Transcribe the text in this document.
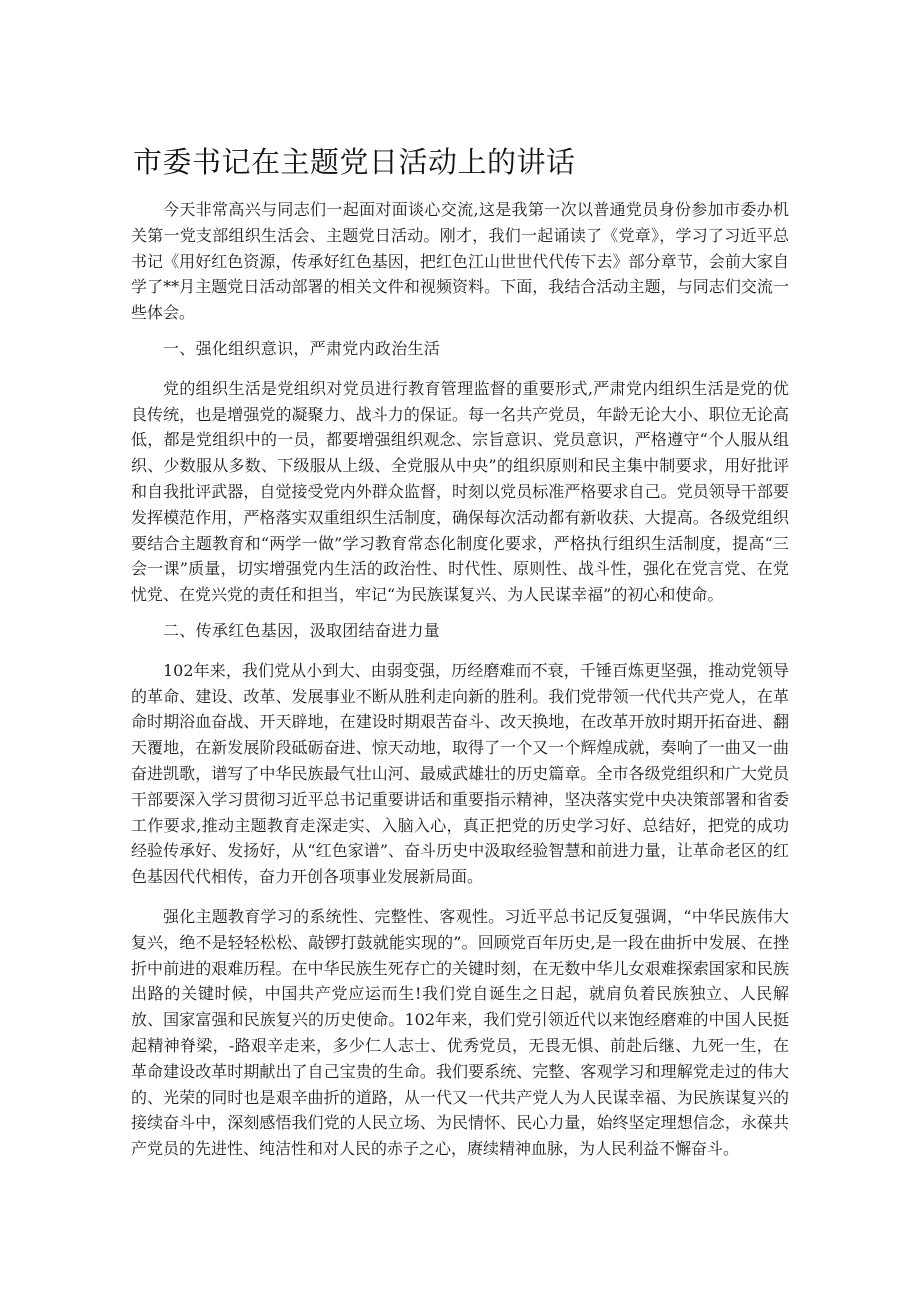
市委书记在主题党日活动上的讲话

今天非常高兴与同志们一起面对面谈心交流,这是我第一次以普通党员身份参加市委办机关第一党支部组织生活会、主题党日活动。刚才，我们一起诵读了《党章》，学习了习近平总书记《用好红色资源，传承好红色基因，把红色江山世世代代传下去》部分章节，会前大家自学了**月主题党日活动部署的相关文件和视频资料。下面，我结合活动主题，与同志们交流一些体会。

一、强化组织意识，严肃党内政治生活

党的组织生活是党组织对党员进行教育管理监督的重要形式,严肃党内组织生活是党的优良传统，也是增强党的凝聚力、战斗力的保证。每一名共产党员，年龄无论大小、职位无论高低，都是党组织中的一员，都要增强组织观念、宗旨意识、党员意识，严格遵守“个人服从组织、少数服从多数、下级服从上级、全党服从中央”的组织原则和民主集中制要求，用好批评和自我批评武器，自觉接受党内外群众监督，时刻以党员标准严格要求自己。党员领导干部要发挥模范作用，严格落实双重组织生活制度，确保每次活动都有新收获、大提高。各级党组织要结合主题教育和“两学一做”学习教育常态化制度化要求，严格执行组织生活制度，提高“三会一课”质量，切实增强党内生活的政治性、时代性、原则性、战斗性，强化在党言党、在党忧党、在党兴党的责任和担当，牢记“为民族谋复兴、为人民谋幸福”的初心和使命。

二、传承红色基因，汲取团结奋进力量

102年来，我们党从小到大、由弱变强，历经磨难而不衰，千锤百炼更坚强，推动党领导的革命、建设、改革、发展事业不断从胜利走向新的胜利。我们党带领一代代共产党人，在革命时期浴血奋战、开天辟地，在建设时期艰苦奋斗、改天换地，在改革开放时期开拓奋进、翻天覆地，在新发展阶段砥砺奋进、惊天动地，取得了一个又一个辉煌成就，奏响了一曲又一曲奋进凯歌，谱写了中华民族最气壮山河、最威武雄壮的历史篇章。全市各级党组织和广大党员干部要深入学习贯彻习近平总书记重要讲话和重要指示精神，坚决落实党中央决策部署和省委工作要求,推动主题教育走深走实、入脑入心，真正把党的历史学习好、总结好，把党的成功经验传承好、发扬好，从“红色家谱”、奋斗历史中汲取经验智慧和前进力量，让革命老区的红色基因代代相传，奋力开创各项事业发展新局面。

强化主题教育学习的系统性、完整性、客观性。习近平总书记反复强调，“中华民族伟大复兴，绝不是轻轻松松、敲锣打鼓就能实现的”。回顾党百年历史,是一段在曲折中发展、在挫折中前进的艰难历程。在中华民族生死存亡的关键时刻，在无数中华儿女艰难探索国家和民族出路的关键时候，中国共产党应运而生!我们党自诞生之日起，就肩负着民族独立、人民解放、国家富强和民族复兴的历史使命。102年来，我们党引领近代以来饱经磨难的中国人民挺起精神脊梁，-路艰辛走来，多少仁人志士、优秀党员，无畏无惧、前赴后继、九死一生，在革命建设改革时期献出了自己宝贵的生命。我们要系统、完整、客观学习和理解党走过的伟大的、光荣的同时也是艰辛曲折的道路，从一代又一代共产党人为人民谋幸福、为民族谋复兴的接续奋斗中，深刻感悟我们党的人民立场、为民情怀、民心力量，始终坚定理想信念，永葆共产党员的先进性、纯洁性和对人民的赤子之心，赓续精神血脉，为人民利益不懈奋斗。
